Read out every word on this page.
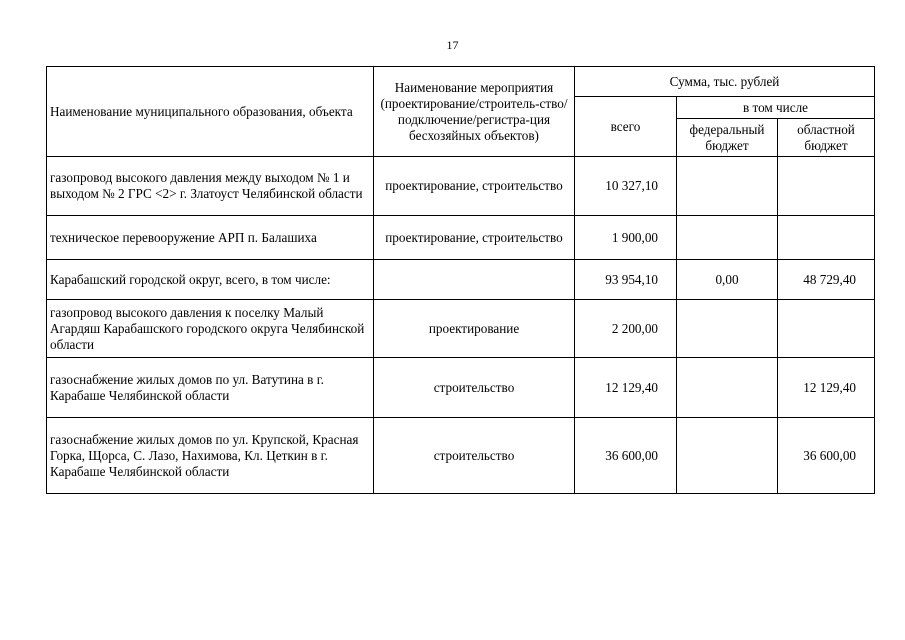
17
Наименование муниципального образования, объекта	Наименование мероприятия (проектирование/строитель-ство/подключение/регистра-ция бесхозяйных объектов)	Сумма, тыс. рублей		
		всего	в том числе	
			федеральный бюджет	областной бюджет
газопровод высокого давления между выходом № 1 и выходом № 2 ГРС <2> г. Златоуст Челябинской области	проектирование, строительство	10 327,10		
техническое перевооружение АРП п. Балашиха	проектирование, строительство	1 900,00		
Карабашский городской округ, всего, в том числе:		93 954,10	0,00	48 729,40
газопровод высокого давления к поселку Малый Агардяш Карабашского городского округа Челябинской области	проектирование	2 200,00		
газоснабжение жилых домов по ул. Ватутина в г. Карабаше Челябинской области	строительство	12 129,40		12 129,40
газоснабжение жилых домов по ул. Крупской, Красная Горка, Щорса, С. Лазо, Нахимова, Кл. Цеткин в г. Карабаше Челябинской области	строительство	36 600,00		36 600,00
